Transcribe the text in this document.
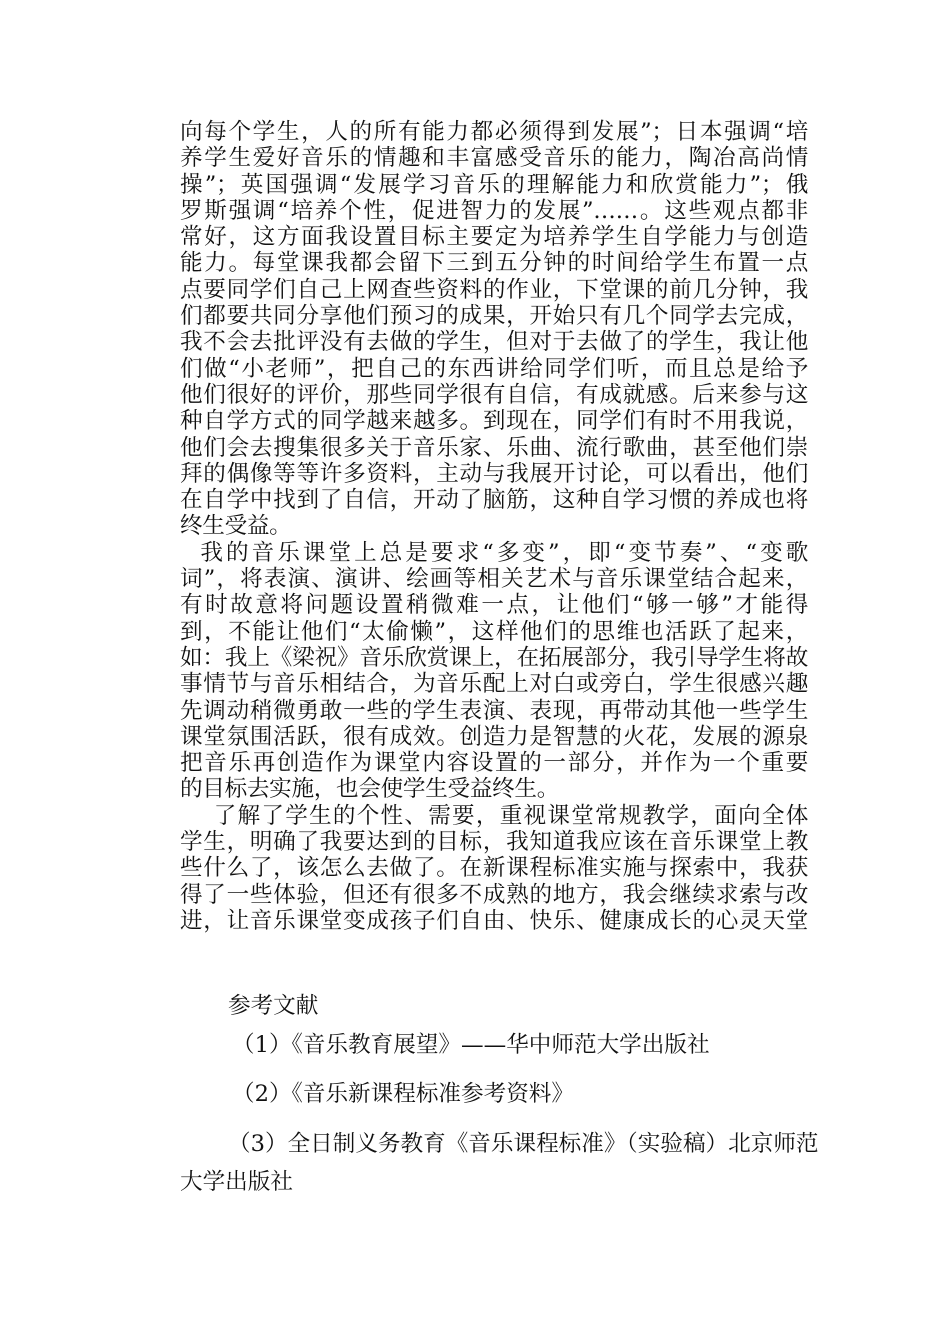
向每个学生，人的所有能力都必须得到发展”；日本强调“培
养学生爱好音乐的情趣和丰富感受音乐的能力，陶冶高尚情
操”；英国强调“发展学习音乐的理解能力和欣赏能力”；俄
罗斯强调“培养个性，促进智力的发展”……。这些观点都非
常好，这方面我设置目标主要定为培养学生自学能力与创造
能力。每堂课我都会留下三到五分钟的时间给学生布置一点
点要同学们自己上网查些资料的作业，下堂课的前几分钟，我
们都要共同分享他们预习的成果，开始只有几个同学去完成，
我不会去批评没有去做的学生，但对于去做了的学生，我让他
们做“小老师”，把自己的东西讲给同学们听，而且总是给予
他们很好的评价，那些同学很有自信，有成就感。后来参与这
种自学方式的同学越来越多。到现在，同学们有时不用我说，
他们会去搜集很多关于音乐家、乐曲、流行歌曲，甚至他们崇
拜的偶像等等许多资料，主动与我展开讨论，可以看出，他们
在自学中找到了自信，开动了脑筋，这种自学习惯的养成也将
终生受益。
我的音乐课堂上总是要求“多变”，即“变节奏”、“变歌
词”，将表演、演讲、绘画等相关艺术与音乐课堂结合起来，
有时故意将问题设置稍微难一点，让他们“够一够”才能得
到，不能让他们“太偷懒”，这样他们的思维也活跃了起来，
如：我上《梁祝》音乐欣赏课上，在拓展部分，我引导学生将故
事情节与音乐相结合，为音乐配上对白或旁白，学生很感兴趣
先调动稍微勇敢一些的学生表演、表现，再带动其他一些学生
课堂氛围活跃，很有成效。创造力是智慧的火花，发展的源泉
把音乐再创造作为课堂内容设置的一部分，并作为一个重要
的目标去实施，也会使学生受益终生。
了解了学生的个性、需要，重视课堂常规教学，面向全体
学生，明确了我要达到的目标，我知道我应该在音乐课堂上教
些什么了，该怎么去做了。在新课程标准实施与探索中，我获
得了一些体验，但还有很多不成熟的地方，我会继续求索与改
进，让音乐课堂变成孩子们自由、快乐、健康成长的心灵天堂
参考文献
（1）《音乐教育展望》——华中师范大学出版社
（2）《音乐新课程标准参考资料》
（3）全日制义务教育《音乐课程标准》（实验稿）北京师范
大学出版社
